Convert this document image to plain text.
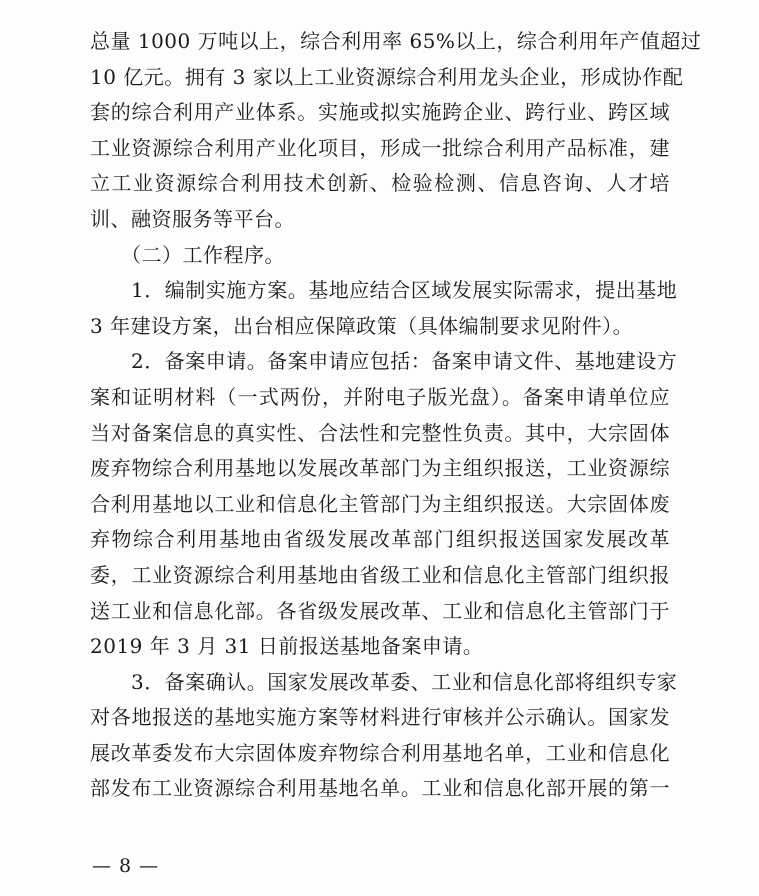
总量 1000 万吨以上，综合利用率 65%以上，综合利用年产值超过
10 亿元。拥有 3 家以上工业资源综合利用龙头企业，形成协作配
套的综合利用产业体系。实施或拟实施跨企业、跨行业、跨区域
工业资源综合利用产业化项目，形成一批综合利用产品标准，建
立工业资源综合利用技术创新、检验检测、信息咨询、人才培
训、融资服务等平台。
　　（二）工作程序。
　　1．编制实施方案。基地应结合区域发展实际需求，提出基地
3 年建设方案，出台相应保障政策（具体编制要求见附件）。
　　2．备案申请。备案申请应包括：备案申请文件、基地建设方
案和证明材料（一式两份，并附电子版光盘）。备案申请单位应
当对备案信息的真实性、合法性和完整性负责。其中，大宗固体
废弃物综合利用基地以发展改革部门为主组织报送，工业资源综
合利用基地以工业和信息化主管部门为主组织报送。大宗固体废
弃物综合利用基地由省级发展改革部门组织报送国家发展改革
委，工业资源综合利用基地由省级工业和信息化主管部门组织报
送工业和信息化部。各省级发展改革、工业和信息化主管部门于
2019 年 3 月 31 日前报送基地备案申请。
　　3．备案确认。国家发展改革委、工业和信息化部将组织专家
对各地报送的基地实施方案等材料进行审核并公示确认。国家发
展改革委发布大宗固体废弃物综合利用基地名单，工业和信息化
部发布工业资源综合利用基地名单。工业和信息化部开展的第一
— 8 —
